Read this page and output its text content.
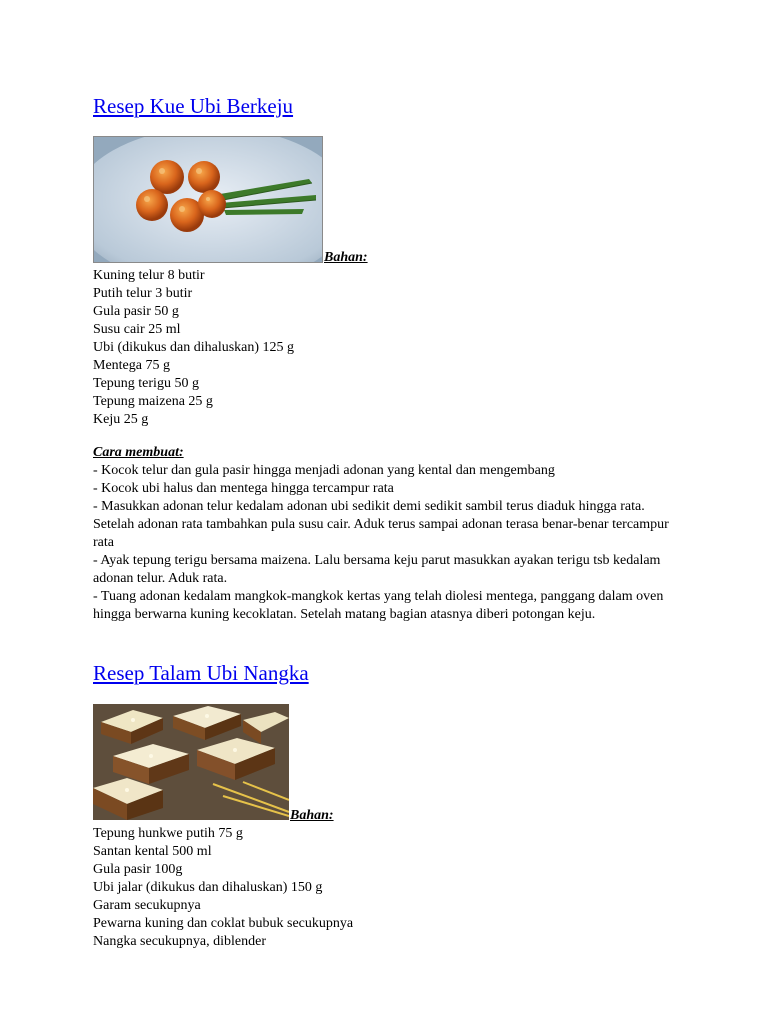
Resep Kue Ubi Berkeju
Bahan:
Kuning telur 8 butir
Putih telur 3 butir
Gula pasir 50 g
Susu cair 25 ml
Ubi (dikukus dan dihaluskan) 125 g
Mentega 75 g
Tepung terigu 50 g
Tepung maizena 25 g
Keju 25 g
Cara membuat:
- Kocok telur dan gula pasir hingga menjadi adonan yang kental dan mengembang
- Kocok ubi halus dan mentega hingga tercampur rata
- Masukkan adonan telur kedalam adonan ubi sedikit demi sedikit sambil terus diaduk hingga rata. Setelah adonan rata tambahkan pula susu cair. Aduk terus sampai adonan terasa benar-benar tercampur rata
- Ayak tepung terigu bersama maizena. Lalu bersama keju parut masukkan ayakan terigu tsb kedalam adonan telur. Aduk rata.
- Tuang adonan kedalam mangkok-mangkok kertas yang telah diolesi mentega, panggang dalam oven hingga berwarna kuning kecoklatan. Setelah matang bagian atasnya diberi potongan keju.
Resep Talam Ubi Nangka
Bahan:
Tepung hunkwe putih 75 g
Santan kental 500 ml
Gula pasir 100g
Ubi jalar (dikukus dan dihaluskan) 150 g
Garam secukupnya
Pewarna kuning dan coklat bubuk secukupnya
Nangka secukupnya, diblender
